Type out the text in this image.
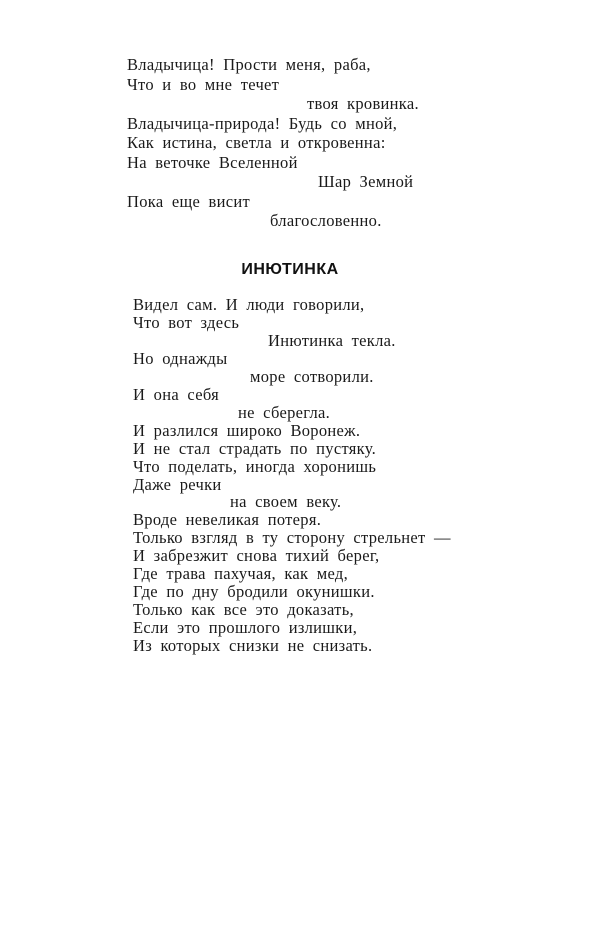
Владычица! Прости меня, раба,
Что и во мне течет
твоя кровинка.
Владычица-природа! Будь со мной,
Как истина, светла и откровенна:
На веточке Вселенной
Шар Земной
Пока еще висит
благословенно.
ИНЮТИНКА
Видел сам. И люди говорили,
Что вот здесь
Инютинка текла.
Но однажды
море сотворили.
И она себя
не сберегла.
И разлился широко Воронеж.
И не стал страдать по пустяку.
Что поделать, иногда хоронишь
Даже речки
на своем веку.
Вроде невеликая потеря.
Только взгляд в ту сторону стрельнет —
И забрезжит снова тихий берег,
Где трава пахучая, как мед,
Где по дну бродили окунишки.
Только как все это доказать,
Если это прошлого излишки,
Из которых снизки не снизать.
